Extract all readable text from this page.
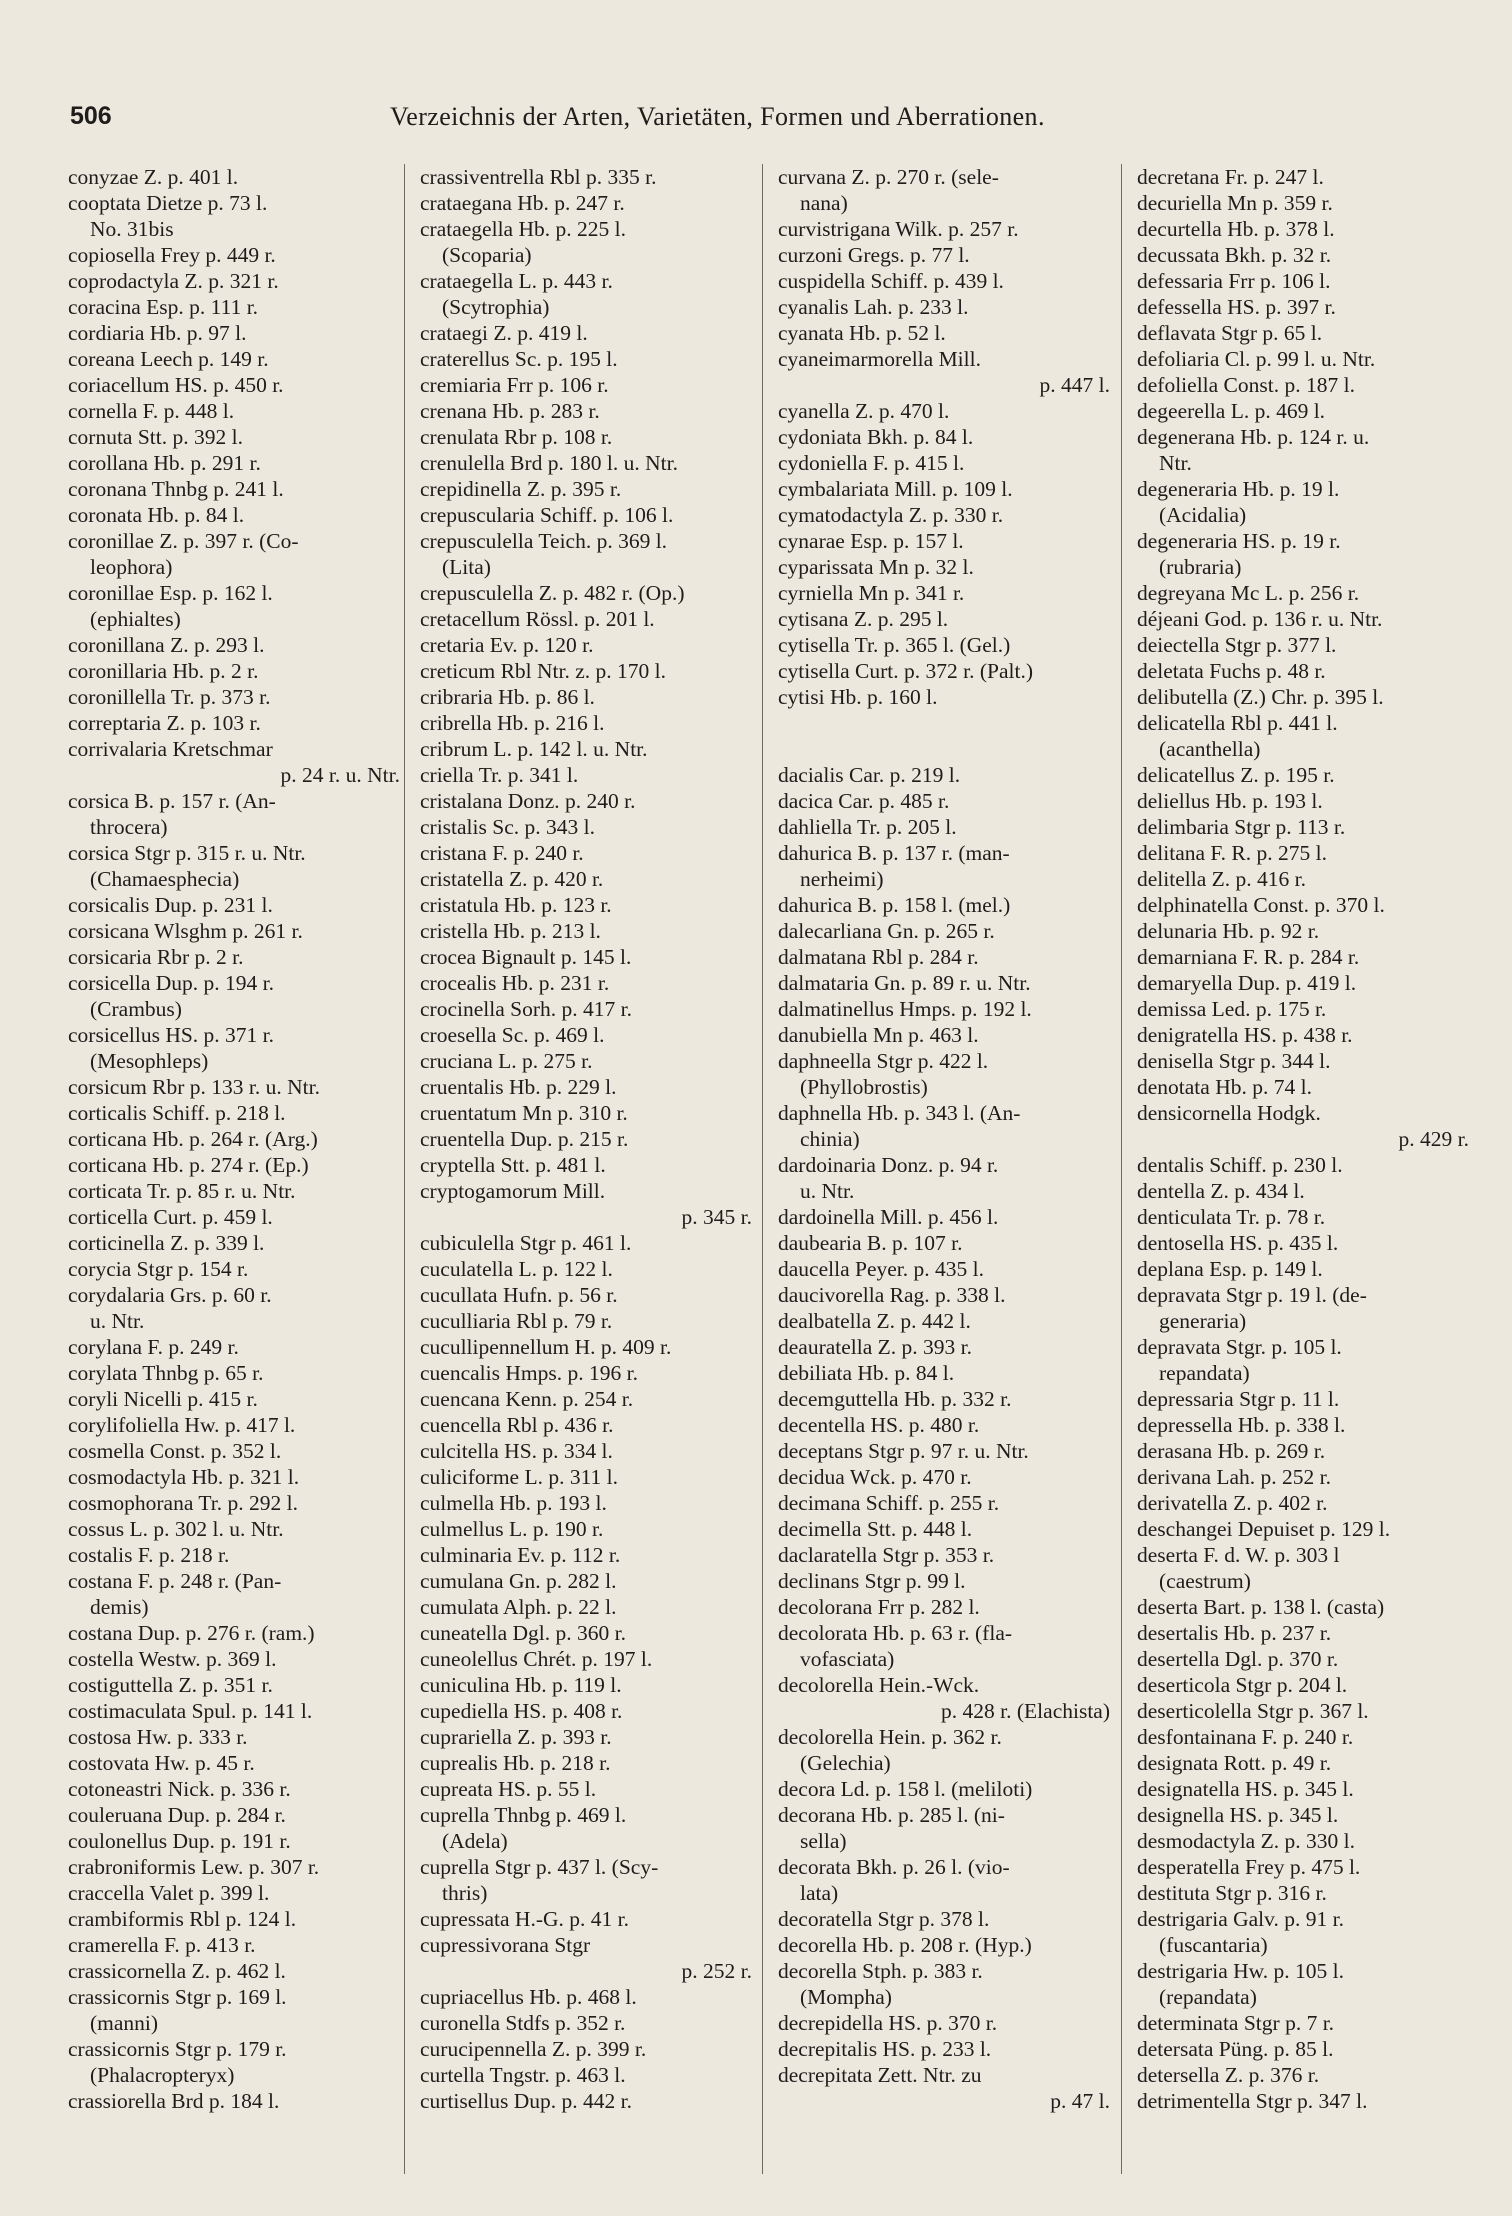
506	Verzeichnis der Arten, Varietäten, Formen und Aberrationen.
conyzae Z. p. 401 l.
cooptata Dietze p. 73 l.
No. 31bis
copiosella Frey p. 449 r.
coprodactyla Z. p. 321 r.
coracina Esp. p. 111 r.
cordiaria Hb. p. 97 l.
coreana Leech p. 149 r.
coriacellum HS. p. 450 r.
cornella F. p. 448 l.
cornuta Stt. p. 392 l.
corollana Hb. p. 291 r.
coronana Thnbg p. 241 l.
coronata Hb. p. 84 l.
coronillae Z. p. 397 r. (Co-
leophora)
coronillae Esp. p. 162 l.
(ephialtes)
coronillana Z. p. 293 l.
coronillaria Hb. p. 2 r.
coronillella Tr. p. 373 r.
correptaria Z. p. 103 r.
corrivalaria Kretschmar
p. 24 r. u. Ntr.
corsica B. p. 157 r. (An-
throcera)
corsica Stgr p. 315 r. u. Ntr.
(Chamaesphecia)
corsicalis Dup. p. 231 l.
corsicana Wlsghm p. 261 r.
corsicaria Rbr p. 2 r.
corsicella Dup. p. 194 r.
(Crambus)
corsicellus HS. p. 371 r.
(Mesophleps)
corsicum Rbr p. 133 r. u. Ntr.
corticalis Schiff. p. 218 l.
corticana Hb. p. 264 r. (Arg.)
corticana Hb. p. 274 r. (Ep.)
corticata Tr. p. 85 r. u. Ntr.
corticella Curt. p. 459 l.
corticinella Z. p. 339 l.
corycia Stgr p. 154 r.
corydalaria Grs. p. 60 r.
u. Ntr.
corylana F. p. 249 r.
corylata Thnbg p. 65 r.
coryli Nicelli p. 415 r.
corylifoliella Hw. p. 417 l.
cosmella Const. p. 352 l.
cosmodactyla Hb. p. 321 l.
cosmophorana Tr. p. 292 l.
cossus L. p. 302 l. u. Ntr.
costalis F. p. 218 r.
costana F. p. 248 r. (Pan-
demis)
costana Dup. p. 276 r. (ram.)
costella Westw. p. 369 l.
costiguttella Z. p. 351 r.
costimaculata Spul. p. 141 l.
costosa Hw. p. 333 r.
costovata Hw. p. 45 r.
cotoneastri Nick. p. 336 r.
couleruana Dup. p. 284 r.
coulonellus Dup. p. 191 r.
crabroniformis Lew. p. 307 r.
craccella Valet p. 399 l.
crambiformis Rbl p. 124 l.
cramerella F. p. 413 r.
crassicornella Z. p. 462 l.
crassicornis Stgr p. 169 l.
(manni)
crassicornis Stgr p. 179 r.
(Phalacropteryx)
crassiorella Brd p. 184 l.
crassiventrella Rbl p. 335 r.
crataegana Hb. p. 247 r.
crataegella Hb. p. 225 l.
(Scoparia)
crataegella L. p. 443 r.
(Scytrophia)
crataegi Z. p. 419 l.
craterellus Sc. p. 195 l.
cremiaria Frr p. 106 r.
crenana Hb. p. 283 r.
crenulata Rbr p. 108 r.
crenulella Brd p. 180 l. u. Ntr.
crepidinella Z. p. 395 r.
crepuscularia Schiff. p. 106 l.
crepusculella Teich. p. 369 l.
(Lita)
crepusculella Z. p. 482 r. (Op.)
cretacellum Rössl. p. 201 l.
cretaria Ev. p. 120 r.
creticum Rbl Ntr. z. p. 170 l.
cribraria Hb. p. 86 l.
cribrella Hb. p. 216 l.
cribrum L. p. 142 l. u. Ntr.
criella Tr. p. 341 l.
cristalana Donz. p. 240 r.
cristalis Sc. p. 343 l.
cristana F. p. 240 r.
cristatella Z. p. 420 r.
cristatula Hb. p. 123 r.
cristella Hb. p. 213 l.
crocea Bignault p. 145 l.
crocealis Hb. p. 231 r.
crocinella Sorh. p. 417 r.
croesella Sc. p. 469 l.
cruciana L. p. 275 r.
cruentalis Hb. p. 229 l.
cruentatum Mn p. 310 r.
cruentella Dup. p. 215 r.
cryptella Stt. p. 481 l.
cryptogamorum Mill.
p. 345 r.
cubiculella Stgr p. 461 l.
cuculatella L. p. 122 l.
cucullata Hufn. p. 56 r.
cuculliaria Rbl p. 79 r.
cucullipennellum H. p. 409 r.
cuencalis Hmps. p. 196 r.
cuencana Kenn. p. 254 r.
cuencella Rbl p. 436 r.
culcitella HS. p. 334 l.
culiciforme L. p. 311 l.
culmella Hb. p. 193 l.
culmellus L. p. 190 r.
culminaria Ev. p. 112 r.
cumulana Gn. p. 282 l.
cumulata Alph. p. 22 l.
cuneatella Dgl. p. 360 r.
cuneolellus Chrét. p. 197 l.
cuniculina Hb. p. 119 l.
cupediella HS. p. 408 r.
cuprariella Z. p. 393 r.
cuprealis Hb. p. 218 r.
cupreata HS. p. 55 l.
cuprella Thnbg p. 469 l.
(Adela)
cuprella Stgr p. 437 l. (Scy-
thris)
cupressata H.-G. p. 41 r.
cupressivorana Stgr
p. 252 r.
cupriacellus Hb. p. 468 l.
curonella Stdfs p. 352 r.
curucipennella Z. p. 399 r.
curtella Tngstr. p. 463 l.
curtisellus Dup. p. 442 r.
curvana Z. p. 270 r. (sele-
nana)
curvistrigana Wilk. p. 257 r.
curzoni Gregs. p. 77 l.
cuspidella Schiff. p. 439 l.
cyanalis Lah. p. 233 l.
cyanata Hb. p. 52 l.
cyaneimarmorella Mill.
p. 447 l.
cyanella Z. p. 470 l.
cydoniata Bkh. p. 84 l.
cydoniella F. p. 415 l.
cymbalariata Mill. p. 109 l.
cymatodactyla Z. p. 330 r.
cynarae Esp. p. 157 l.
cyparissata Mn p. 32 l.
cyrniella Mn p. 341 r.
cytisana Z. p. 295 l.
cytisella Tr. p. 365 l. (Gel.)
cytisella Curt. p. 372 r. (Palt.)
cytisi Hb. p. 160 l.
dacialis Car. p. 219 l.
dacica Car. p. 485 r.
dahliella Tr. p. 205 l.
dahurica B. p. 137 r. (man-
nerheimi)
dahurica B. p. 158 l. (mel.)
dalecarliana Gn. p. 265 r.
dalmatana Rbl p. 284 r.
dalmataria Gn. p. 89 r. u. Ntr.
dalmatinellus Hmps. p. 192 l.
danubiella Mn p. 463 l.
daphneella Stgr p. 422 l.
(Phyllobrostis)
daphnella Hb. p. 343 l. (An-
chinia)
dardoinaria Donz. p. 94 r.
u. Ntr.
dardoinella Mill. p. 456 l.
daubearia B. p. 107 r.
daucella Peyer. p. 435 l.
daucivorella Rag. p. 338 l.
dealbatella Z. p. 442 l.
deauratella Z. p. 393 r.
debiliata Hb. p. 84 l.
decemguttella Hb. p. 332 r.
decentella HS. p. 480 r.
deceptans Stgr p. 97 r. u. Ntr.
decidua Wck. p. 470 r.
decimana Schiff. p. 255 r.
decimella Stt. p. 448 l.
daclaratella Stgr p. 353 r.
declinans Stgr p. 99 l.
decolorana Frr p. 282 l.
decolorata Hb. p. 63 r. (fla-
vofasciata)
decolorella Hein.-Wck.
p. 428 r. (Elachista)
decolorella Hein. p. 362 r.
(Gelechia)
decora Ld. p. 158 l. (meliloti)
decorana Hb. p. 285 l. (ni-
sella)
decorata Bkh. p. 26 l. (vio-
lata)
decoratella Stgr p. 378 l.
decorella Hb. p. 208 r. (Hyp.)
decorella Stph. p. 383 r.
(Mompha)
decrepidella HS. p. 370 r.
decrepitalis HS. p. 233 l.
decrepitata Zett. Ntr. zu
p. 47 l.
decretana Fr. p. 247 l.
decuriella Mn p. 359 r.
decurtella Hb. p. 378 l.
decussata Bkh. p. 32 r.
defessaria Frr p. 106 l.
defessella HS. p. 397 r.
deflavata Stgr p. 65 l.
defoliaria Cl. p. 99 l. u. Ntr.
defoliella Const. p. 187 l.
degeerella L. p. 469 l.
degenerana Hb. p. 124 r. u.
Ntr.
degeneraria Hb. p. 19 l.
(Acidalia)
degeneraria HS. p. 19 r.
(rubraria)
degreyana Mc L. p. 256 r.
déjeani God. p. 136 r. u. Ntr.
deiectella Stgr p. 377 l.
deletata Fuchs p. 48 r.
delibutella (Z.) Chr. p. 395 l.
delicatella Rbl p. 441 l.
(acanthella)
delicatellus Z. p. 195 r.
deliellus Hb. p. 193 l.
delimbaria Stgr p. 113 r.
delitana F. R. p. 275 l.
delitella Z. p. 416 r.
delphinatella Const. p. 370 l.
delunaria Hb. p. 92 r.
demarniana F. R. p. 284 r.
demaryella Dup. p. 419 l.
demissa Led. p. 175 r.
denigratella HS. p. 438 r.
denisella Stgr p. 344 l.
denotata Hb. p. 74 l.
densicornella Hodgk.
p. 429 r.
dentalis Schiff. p. 230 l.
dentella Z. p. 434 l.
denticulata Tr. p. 78 r.
dentosella HS. p. 435 l.
deplana Esp. p. 149 l.
depravata Stgr p. 19 l. (de-
generaria)
depravata Stgr. p. 105 l.
repandata)
depressaria Stgr p. 11 l.
depressella Hb. p. 338 l.
derasana Hb. p. 269 r.
derivana Lah. p. 252 r.
derivatella Z. p. 402 r.
deschangei Depuiset p. 129 l.
deserta F. d. W. p. 303 l
(caestrum)
deserta Bart. p. 138 l. (casta)
desertalis Hb. p. 237 r.
desertella Dgl. p. 370 r.
deserticola Stgr p. 204 l.
deserticolella Stgr p. 367 l.
desfontainana F. p. 240 r.
designata Rott. p. 49 r.
designatella HS. p. 345 l.
designella HS. p. 345 l.
desmodactyla Z. p. 330 l.
desperatella Frey p. 475 l.
destituta Stgr p. 316 r.
destrigaria Galv. p. 91 r.
(fuscantaria)
destrigaria Hw. p. 105 l.
(repandata)
determinata Stgr p. 7 r.
detersata Püng. p. 85 l.
detersella Z. p. 376 r.
detrimentella Stgr p. 347 l.
